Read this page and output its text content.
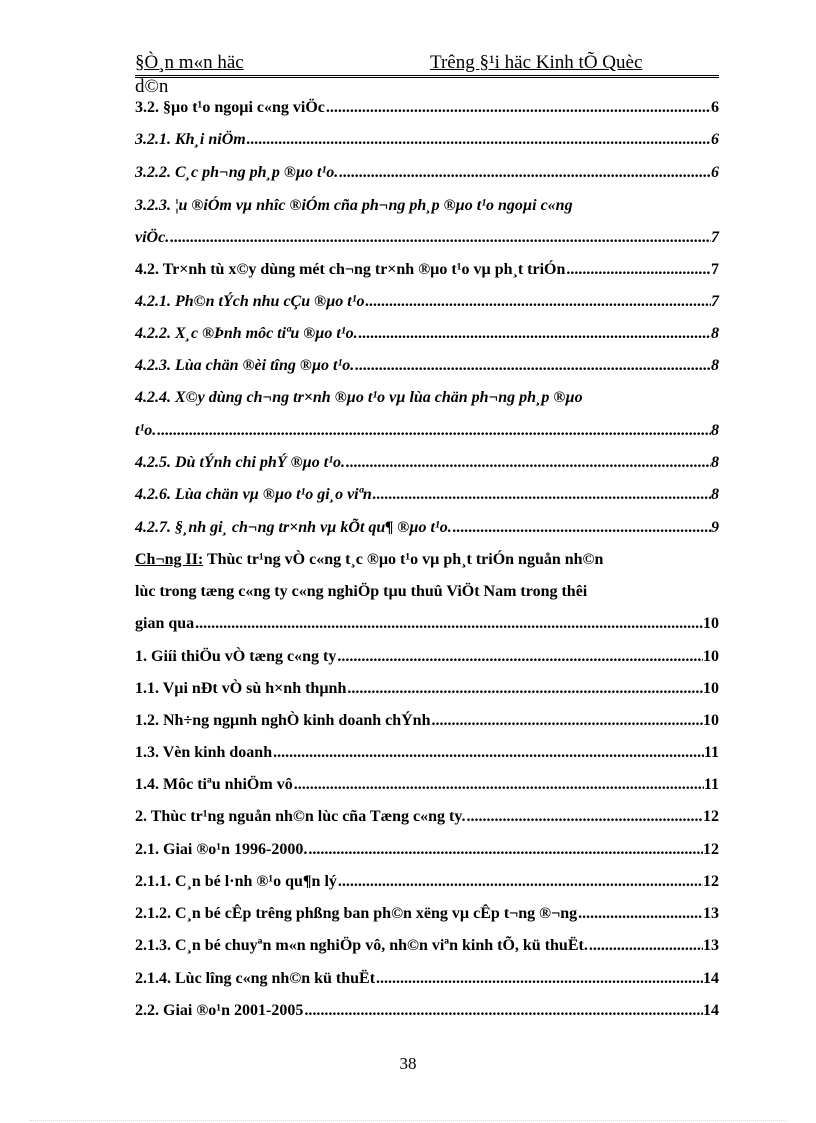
§Ò¸n m«n häc	Trêng §¹i häc Kinh tÕ Quèc
d©n
3.2. §µo t¹o ngoµi c«ng viÖc .....	6
3.2.1. Kh¸i niÖm .....	6
3.2.2. C¸c ph¬ng ph¸p ®µo t¹o. .....	6
3.2.3. ¦u ®iÓm vµ nhîc ®iÓm cña ph¬ng ph¸p ®µo t¹o ngoµi c«ng
viÖc. .....	7
4.2. Tr×nh tù x©y dùng mét ch¬ng tr×nh ®µo t¹o vµ ph¸t triÓn .....	7
4.2.1. Ph©n tÝch nhu cÇu ®µo t¹o .....	7
4.2.2. X¸c ®Þnh môc tiªu ®µo t¹o. .....	8
4.2.3. Lùa chän ®èi tîng ®µo t¹o. .....	8
4.2.4. X©y dùng ch¬ng tr×nh ®µo t¹o vµ lùa chän ph¬ng ph¸p ®µo
t¹o. .....	8
4.2.5. Dù tÝnh chi phÝ ®µo t¹o. .....	8
4.2.6. Lùa chän vµ ®µo t¹o gi¸o viªn .....	8
4.2.7. §¸nh gi¸ ch¬ng tr×nh vµ kÕt qu¶ ®µo t¹o. .....	9
Ch¬ng II: Thùc tr¹ng vÒ c«ng t¸c ®µo t¹o vµ ph¸t triÓn nguån nh©n
lùc trong tæng c«ng ty c«ng nghiÖp tµu thuû ViÖt Nam trong thêi
gian qua .....	10
1. Giíi thiÖu vÒ tæng c«ng ty .....	10
1.1. Vµi nÐt vÒ sù h×nh thµnh .....	10
1.2. Nh÷ng ngµnh nghÒ kinh doanh chÝnh .....	10
1.3. Vèn kinh doanh .....	11
1.4. Môc tiªu nhiÖm vô .....	11
2. Thùc tr¹ng nguån nh©n lùc cña Tæng c«ng ty. .....	12
2.1. Giai ®o¹n 1996-2000. .....	12
2.1.1. C¸n bé l·nh ®¹o qu¶n lý .....	12
2.1.2. C¸n bé cÊp trêng phßng ban ph©n xëng vµ cÊp t¬ng ®¬ng .....	13
2.1.3. C¸n bé chuyªn m«n nghiÖp vô, nh©n viªn kinh tÕ, kü thuËt. .....	13
2.1.4. Lùc lîng c«ng nh©n kü thuËt .....	14
2.2. Giai ®o¹n 2001-2005 .....	14
38
